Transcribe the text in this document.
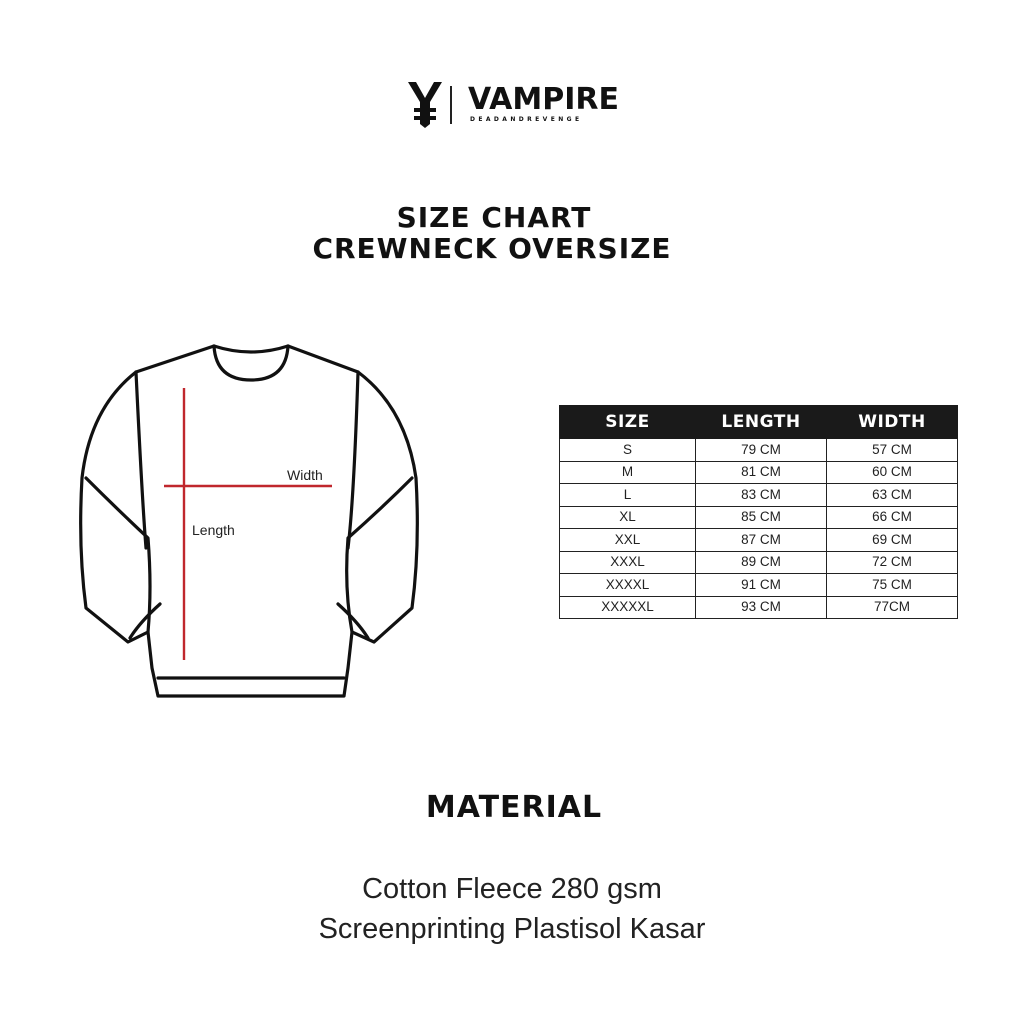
VAMPIRE
DEADANDREVENGE
SIZE CHART
CREWNECK OVERSIZE
Width
Length
SIZE	LENGTH	WIDTH
S	79 CM	57 CM
M	81 CM	60 CM
L	83 CM	63 CM
XL	85 CM	66 CM
XXL	87 CM	69 CM
XXXL	89 CM	72 CM
XXXXL	91 CM	75 CM
XXXXXL	93 CM	77CM
MATERIAL
Cotton Fleece 280 gsm
Screenprinting Plastisol Kasar
